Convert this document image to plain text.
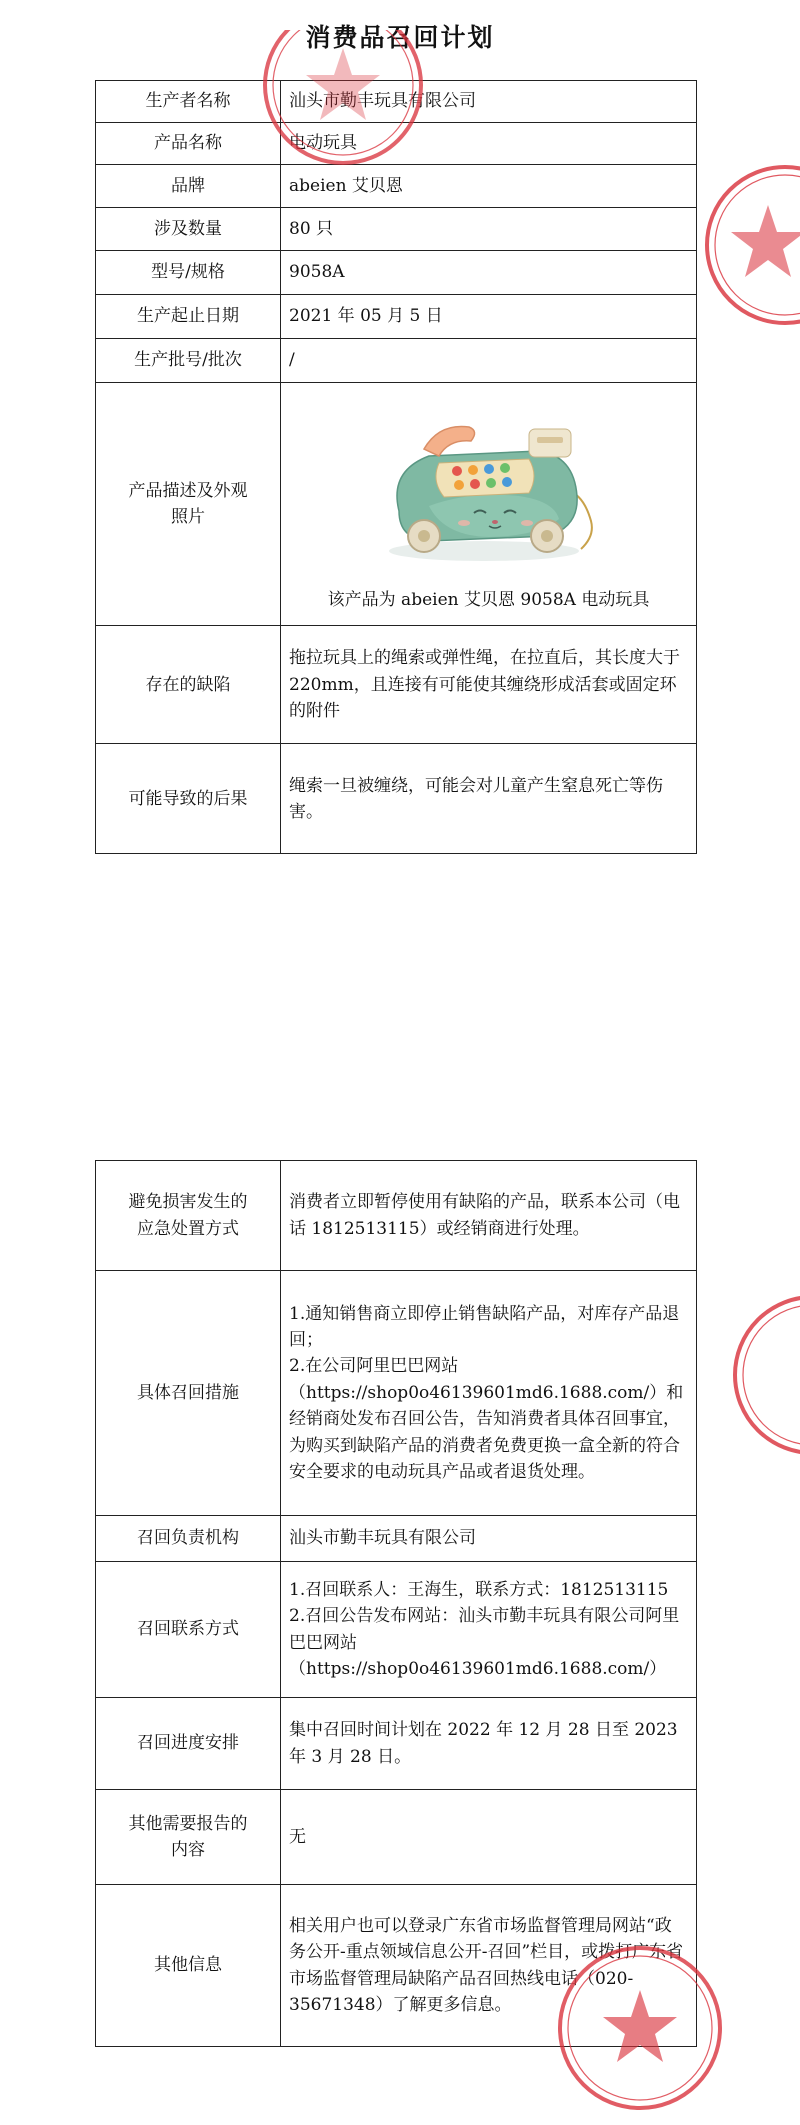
消费品召回计划
生产者名称	汕头市勤丰玩具有限公司
产品名称	电动玩具
品牌	abeien 艾贝恩
涉及数量	80 只
型号/规格	9058A
生产起止日期	2021 年 05 月 5 日
生产批号/批次	/

产品描述及外观
照片	该产品为 abeien 艾贝恩 9058A 电动玩具

存在的缺陷	拖拉玩具上的绳索或弹性绳，在拉直后，其长度大于 220mm，且连接有可能使其缠绕形成活套或固定环的附件
可能导致的后果	绳索一旦被缠绕，可能会对儿童产生窒息死亡等伤害。
避免损害发生的
应急处置方式	消费者立即暂停使用有缺陷的产品，联系本公司（电话 1812513115）或经销商进行处理。
具体召回措施	1.通知销售商立即停止销售缺陷产品，对库存产品退回；

2.在公司阿里巴巴网站（https://shop0o46139601md6.1688.com/）和经销商处发布召回公告，告知消费者具体召回事宜，为购买到缺陷产品的消费者免费更换一盒全新的符合安全要求的电动玩具产品或者退货处理。

召回负责机构	汕头市勤丰玩具有限公司
召回联系方式	1.召回联系人：王海生，联系方式：1812513115

2.召回公告发布网站：汕头市勤丰玩具有限公司阿里巴巴网站（https://shop0o46139601md6.1688.com/）

召回进度安排	集中召回时间计划在 2022 年 12 月 28 日至 2023 年 3 月 28 日。

其他需要报告的
内容	无
其他信息	相关用户也可以登录广东省市场监督管理局网站“政务公开-重点领域信息公开-召回”栏目，或拨打广东省市场监督管理局缺陷产品召回热线电话（020-35671348）了解更多信息。
